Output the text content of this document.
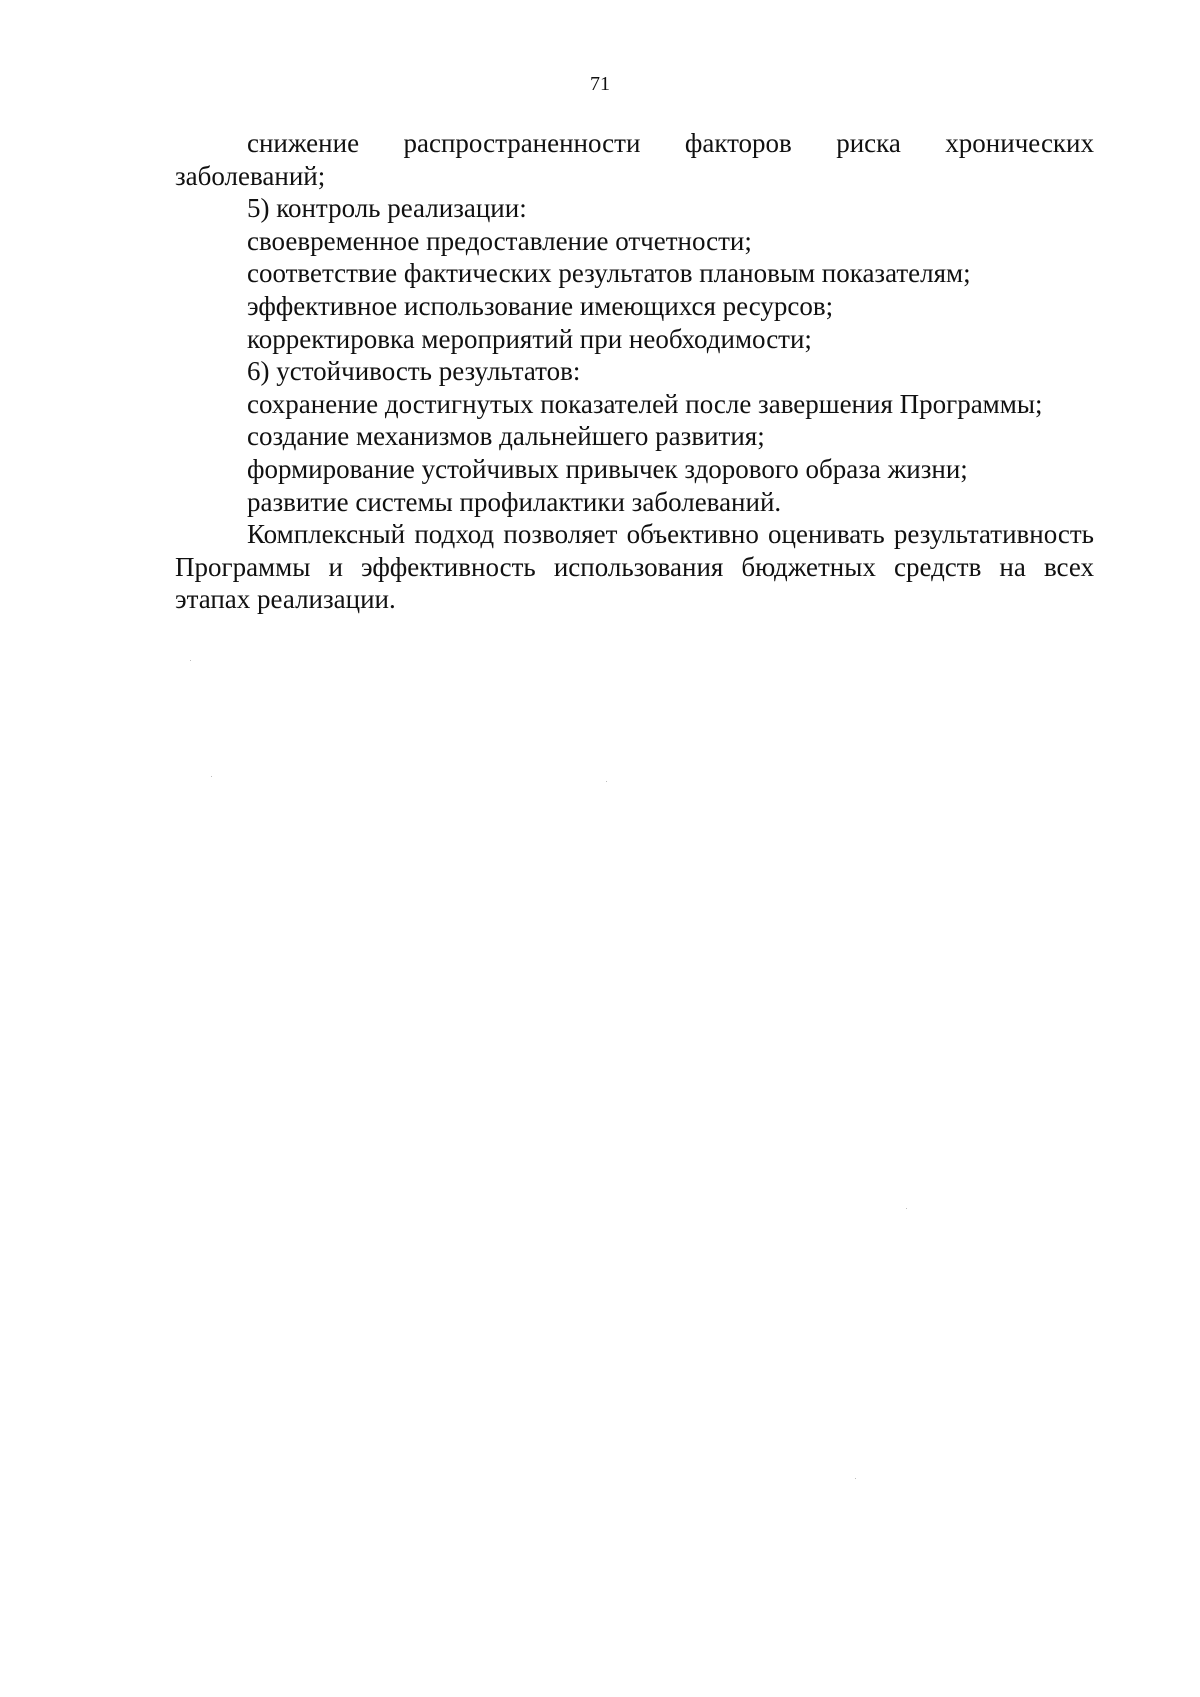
71

снижение распространенности факторов риска хронических заболеваний;

5) контроль реализации:

своевременное предоставление отчетности;

соответствие фактических результатов плановым показателям;

эффективное использование имеющихся ресурсов;

корректировка мероприятий при необходимости;

6) устойчивость результатов:

сохранение достигнутых показателей после завершения Программы;

создание механизмов дальнейшего развития;

формирование устойчивых привычек здорового образа жизни;

развитие системы профилактики заболеваний.

Комплексный подход позволяет объективно оценивать результативность Программы и эффективность использования бюджетных средств на всех этапах реализации.
